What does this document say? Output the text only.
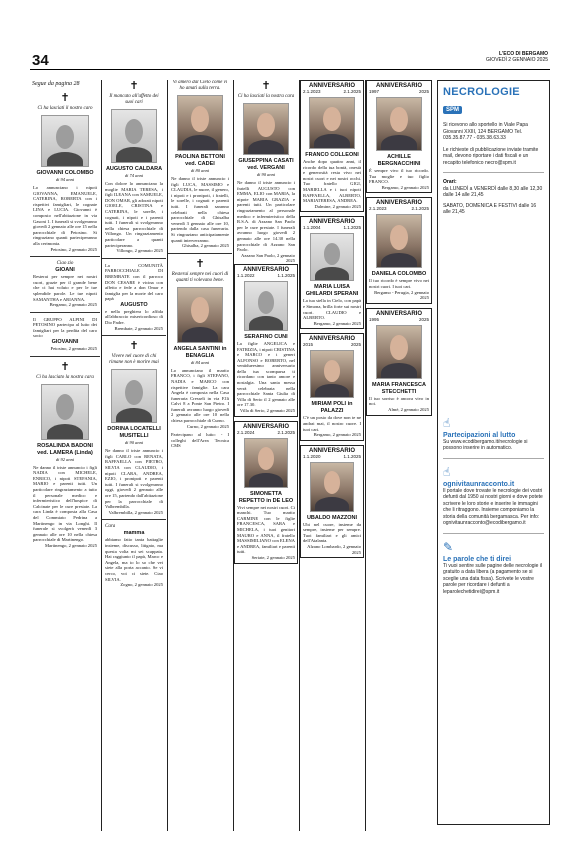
34	L'ECO DI BERGAMO
GIOVEDÌ 2 GENNAIO 2025
Segue da pagina 28
✝
Ci ha lasciati il nostro caro
GIOVANNI COLOMBO
di 94 anni
Lo annunciano i nipoti GIOVANNA, EMANUELE, CATERINA, ROBERTA con i rispettivi famigliari, le cognate LINA e LUCIA. Giovanni è composto nell'abitazione in via Gasoni 1. I funerali si svolgeranno giovedì 2 gennaio alle ore 15 nella parrocchiale di Petosino. Si ringraziano quanti parteciperanno alla cerimonia.
Petosino, 2 gennaio 2025
Ciao zio
GIOANI
Resterai per sempre nei nostri cuori, grazie per il grande bene che ci hai voluto e per le tue splendide parole. Le tue nipoti SAMANTHA e ARIANNA.
Bergamo, 2 gennaio 2025
Il GRUPPO ALPINI DI PETOSINO partecipa al lutto dei famigliari per la perdita del caro socio
GIOVANNI
Petosino, 2 gennaio 2025
✝
Ci ha lasciato la nostra cara
ROSALINDA BADONI ved. LAMERA (Linda)
di 92 anni
Ne danno il triste annuncio i figli NADIA con MICHELE, ENRICO, i nipoti STEFANIA, MARIO e parenti tutti. Un particolare ringraziamento a tutto il personale medico e infermieristico dell'hospice di Calcinate per le cure prestate. La cara Linda è composta alla Casa del Commiato Pedrina a Martinengo in via Longhi. Il funerale si svolgerà venerdì 3 gennaio alle ore 10 nella chiesa parrocchiale di Martinengo.
Martinengo, 2 gennaio 2025
✝
Il mancato all'affetto dei suoi cari
AUGUSTO CALDARA
di 74 anni
Con dolore lo annunciano la moglie MARIA TERESA, i figli ILEANA con SAMUELE, DON OMAR, gli adorati nipoti GIOELE, CRISTINA e CATERINA, le sorelle, i cognati, i nipoti e i parenti tutti. I funerali si svolgeranno nella chiesa parrocchiale di Villongo. Un ringraziamento particolare a quanti parteciperanno.
Villongo, 2 gennaio 2025
La COMUNITÀ PARROCCHIALE DI BREMBATE con il parroco DON CESARE è vicina con affetto e fede a don Omar e famiglia per la morte del caro papà
AUGUSTO
e nella preghiera lo affida all'abbraccio misericordioso di Dio Padre.
Brembate, 2 gennaio 2025
✝
Vivere nel cuore di chi rimane non è morire mai
DORINA LOCATELLI MUSITELLI
di 90 anni
Ne danno il triste annuncio i figli CARLO con RENATA, RAFFAELLA con PIETRO, SILVIA con CLAUDIO, i nipoti CLARA, ANDREA, EZIO, i pronipoti e parenti tutti. I funerali si svolgeranno oggi, giovedì 2 gennaio alle ore 15, partendo dall'abitazione per la parrocchiale di Valbrembilla.
Valbrembilla, 2 gennaio 2025
Cara
mamma
abbiamo fatto tanta battaglie insieme, discusso, litigato, ma questa volta mi sei scappata. Hai raggiunto il papà, Marco e Angela, ma io lo so che vei siete alla porta accanto. Se vi cerco, voi ci siete. Ciao SILVIA.
Zogno, 2 gennaio 2025
Vi amerò dal Cielo come vi ho amati sulla terra.
PAOLINA BETTONI ved. CADEI
di 80 anni
Ne danno il triste annuncio i figli LUCA, MASSIMO e CLAUDIA, le nuore, il genero, i nipoti e i pronipoti, i fratelli, le sorelle, i cognati e parenti tutti. I funerali saranno celebrati nella chiesa parrocchiale di Ghisalba venerdì 3 gennaio alle ore 10, partendo dalla casa funeraria. Si ringraziano anticipatamente quanti interverranno.
Ghisalba, 2 gennaio 2025
✝
Resterai sempre nei cuori di quanti ti volevano bene.
ANGELA SANTINI in BENAGLIA
di 84 anni
Lo annunciano il marito FRANCO, i figli STEFANO, NADIA e MARCO con rispettive famiglie. La cara Angela è composta nella Casa funeraria Cresseli in via F.lli Calvi 8 a Ponte San Pietro. I funerali avranno luogo giovedì 2 gennaio alle ore 10 nella chiesa parrocchiale di Curno.
Curno, 2 gennaio 2025
Partecipano al lutto: - I colleghi dell'Area Tecnica CMS
✝
Ci ha lasciati la nostra cara
GIUSEPPINA CASATI ved. VERGANI
di 90 anni
Ne danno il triste annuncio i fratelli AUGUSTO con EMMA, ELIO con MARIA, la nipote MARIA GRAZIA e parenti tutti. Un particolare ringraziamento al personale medico e infermieristico della R.S.A. di Azzano San Paolo per le cure prestate. I funerali avranno luogo giovedì 2 gennaio alle ore 14.30 nella parrocchiale di Azzano San Paolo.
Azzano San Paolo, 2 gennaio 2025
ANNIVERSARIO
1.1.2022	1.1.2025
SERAFINO CUNI
La figlie ANGELICA e FATRIZIA, i nipoti CRISTINA e MARCO e i generi ALFONSO e ROBERTO, nel ventidueesimo anniversario della tua scomparsa ti ricordano con tanto amore e nostalgia. Una santa messa verrà celebrata nella parrocchiale Santa Giulia di Villa di Serio il 2 gennaio alle ore 17.30.
Villa di Serio, 2 gennaio 2025
ANNIVERSARIO
2.1.2024	2.1.2025
SIMONETTA REPETTO in DE LEO
Vivi sempre nei nostri cuori. Ci manchi. Tuo marito CARMINE con le figlie FRANCESCA, SARA e MICHELA, i tuoi genitori MAURO e ANNA, il fratello MASSIMILIANO con ELENA e ANDREA, familiari e parenti tutti.
Seriate, 2 gennaio 2025
ANNIVERSARIO
2.1.2023	2.1.2025
FRANCO COLLEONI
Anche dopo quattro anni, il ricordo della tua bontà, onestà e generosità resta vivo nei nostri cuori e nei nostri occhi. Tuo fratello GIGI, MARIELLA e i tuoi nipoti RAFFAELLA, ALBERTO, MARIATERESA, ANDREA.
Dalmine, 2 gennaio 2025
ANNIVERSARIO
1.1.2004	1.1.2025
MARIA LUISA GHILARDI SPERANI
La tua stella in Cielo, con papà e Simona, brilla forte sui nostri cuori. CLAUDIO e ALBERTO.
Bergamo, 2 gennaio 2025
ANNIVERSARIO
2015	2025
MIRIAM POLI in PALAZZI
C'è un posto da dove non te ne andrai mai, il nostro cuore. I tuoi cari.
Bergamo, 2 gennaio 2025
ANNIVERSARIO
1.1.2020	1.1.2025
UBALDO MAZZONI
Ubi nel cuore, insieme da sempre, insieme per sempre. Tuoi familiari e gli amici dell'Atalanta.
Alzano Lombardo, 2 gennaio 2025
ANNIVERSARIO
1997	2025
ACHILLE BERGNACCHINI
È sempre vivo il tuo ricordo. Tua moglie e tuo figlio FRANCO.
Bergamo, 2 gennaio 2025
ANNIVERSARIO
2.1.2023	2.1.2025
DANIELA COLOMBO
Il tuo ricordo è sempre vivo nei nostri cuori. I tuoi cari.
Bergamo - Perugia, 2 gennaio 2025
ANNIVERSARIO
1995	2025
MARIA FRANCESCA STECCHETTI
Il tuo sorriso è ancora vivo in noi.
Almè, 2 gennaio 2025
NECROLOGIE
SPM
Si ricevono allo sportello in Viale Papa Giovanni XXIII, 124 BERGAMO Tel. 035.35.87.77 - 035.38.63.33
Le richieste di pubblicazione inviate tramite mail, devono riportare i dati fiscali e un recapito telefonico necro@spm.it
Orari:
da LUNEDÌ a VENERDÌ dalle 8,30 alle 12,30 dalle 14 alle 21,45
SABATO, DOMENICA E FESTIVI dalle 16 alle 21,45
☝
Partecipazioni al lutto
Su www.ecodibergamo.it/necrologie si possono inserire in automatico.
☝
ognivitaunracconto.it
Il portale dove trovate le necrologie dei vostri defunti dal 1950 ai nostri giorni e dove potete scrivere le loro storie e inserire le immagini che li ritraggono. Insieme componiamo la storia della comunità bergamasca. Per info: ognivitaunracconto@ecodibergamo.it
✎
Le parole che ti direi
Ti vuoi sentire sulle pagine delle necrologie il gratuito a data libera (a pagamento se si sceglie una data fissa). Scrivete le vostre parole per ricordare i defunti a leparolechetidirei@spm.it
